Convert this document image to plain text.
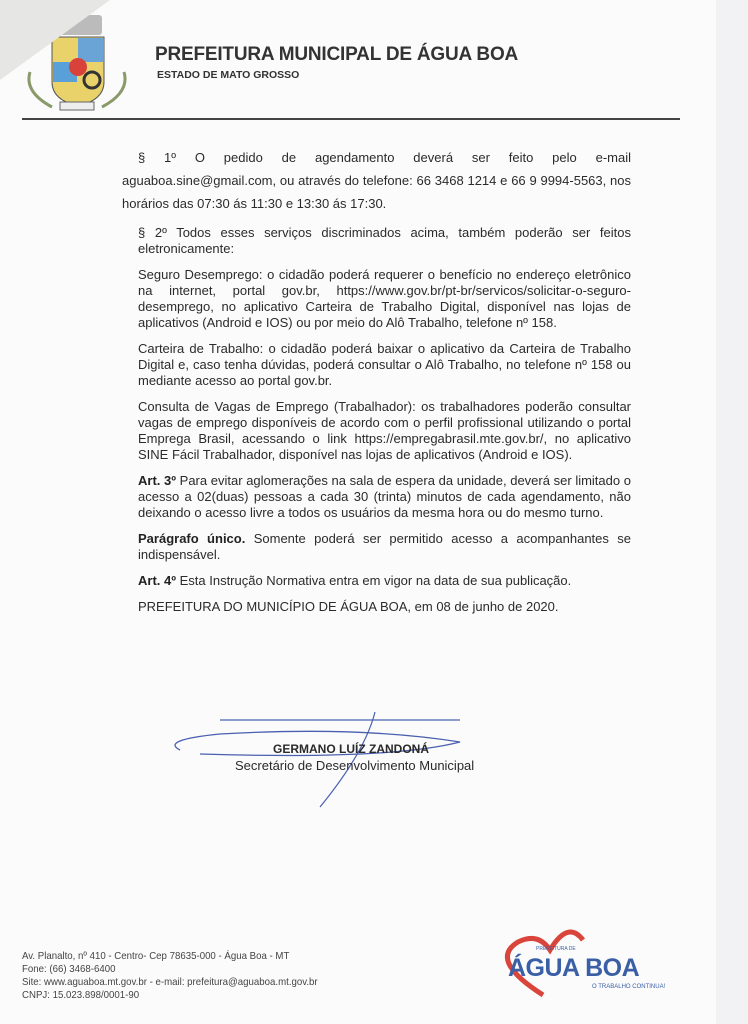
PREFEITURA MUNICIPAL DE ÁGUA BOA
ESTADO DE MATO GROSSO

§ 1º O pedido de agendamento deverá ser feito pelo e-mail aguaboa.sine@gmail.com, ou através do telefone: 66 3468 1214 e 66 9 9994-5563, nos horários das 07:30 ás 11:30 e 13:30 ás 17:30.

§ 2º Todos esses serviços discriminados acima, também poderão ser feitos eletronicamente:

Seguro Desemprego: o cidadão poderá requerer o benefício no endereço eletrônico na internet, portal gov.br, https://www.gov.br/pt-br/servicos/solicitar-o-seguro-desemprego, no aplicativo Carteira de Trabalho Digital, disponível nas lojas de aplicativos (Android e IOS) ou por meio do Alô Trabalho, telefone nº 158.

Carteira de Trabalho: o cidadão poderá baixar o aplicativo da Carteira de Trabalho Digital e, caso tenha dúvidas, poderá consultar o Alô Trabalho, no telefone nº 158 ou mediante acesso ao portal gov.br.

Consulta de Vagas de Emprego (Trabalhador): os trabalhadores poderão consultar vagas de emprego disponíveis de acordo com o perfil profissional utilizando o portal Emprega Brasil, acessando o link https://empregabrasil.mte.gov.br/, no aplicativo SINE Fácil Trabalhador, disponível nas lojas de aplicativos (Android e IOS).

Art. 3º Para evitar aglomerações na sala de espera da unidade, deverá ser limitado o acesso a 02(duas) pessoas a cada 30 (trinta) minutos de cada agendamento, não deixando o acesso livre a todos os usuários da mesma hora ou do mesmo turno.

Parágrafo único. Somente poderá ser permitido acesso a acompanhantes se indispensável.

Art. 4º Esta Instrução Normativa entra em vigor na data de sua publicação.

PREFEITURA DO MUNICÍPIO DE ÁGUA BOA, em 08 de junho de 2020.

GERMANO LUÍZ ZANDONÁ
Secretário de Desenvolvimento Municipal
Av. Planalto, nº 410 - Centro- Cep 78635-000 - Água Boa - MT
Fone: (66) 3468-6400
Site: www.aguaboa.mt.gov.br - e-mail: prefeitura@aguaboa.mt.gov.br
CNPJ: 15.023.898/0001-90
PREFEITURA DE
ÁGUA BOA
O TRABALHO CONTINUA!
